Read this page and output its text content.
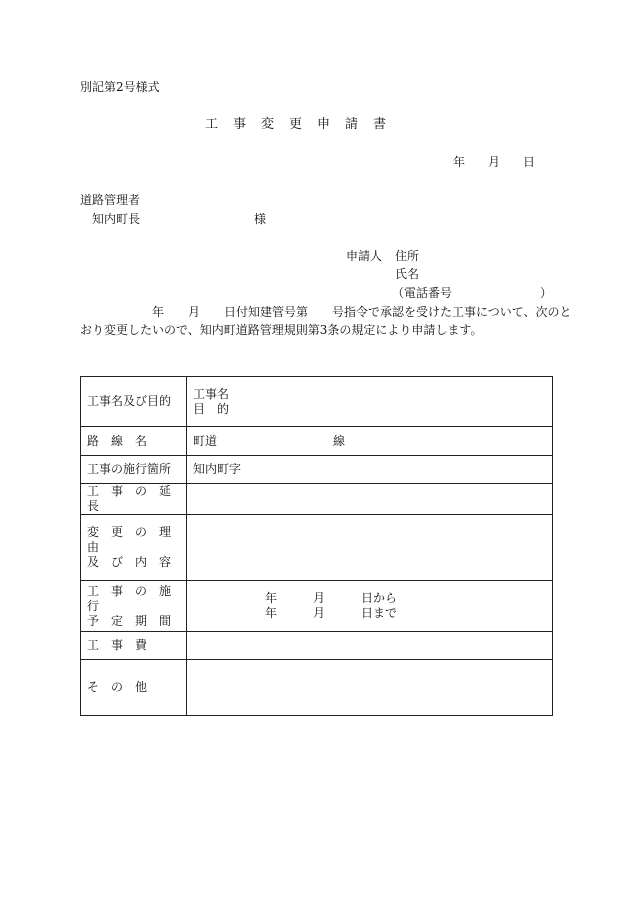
別記第2号様式
工　事　変　更　申　請　書
年 月 日
道路管理者
知内町長	様
申請人 住所
氏名
（電話番号	）
　　　　　　年　　月　　日付知建管号第　　号指令で承認を受けた工事について、次のと
おり変更したいので、知内町道路管理規則第3条の規定により申請します。
工事名及び目的	工事名
目　的

路　線　名	町道 線

工事の施行箇所	知内町字
工　事　の　延　長	

変　更　の　理　由
及　び　内　容	

工　事　の　施　行
予　定　期　間	　　　　　　年　　　月　　　日から
　　　　　　年　　　月　　　日まで

工　事　費	
そ　の　他	
